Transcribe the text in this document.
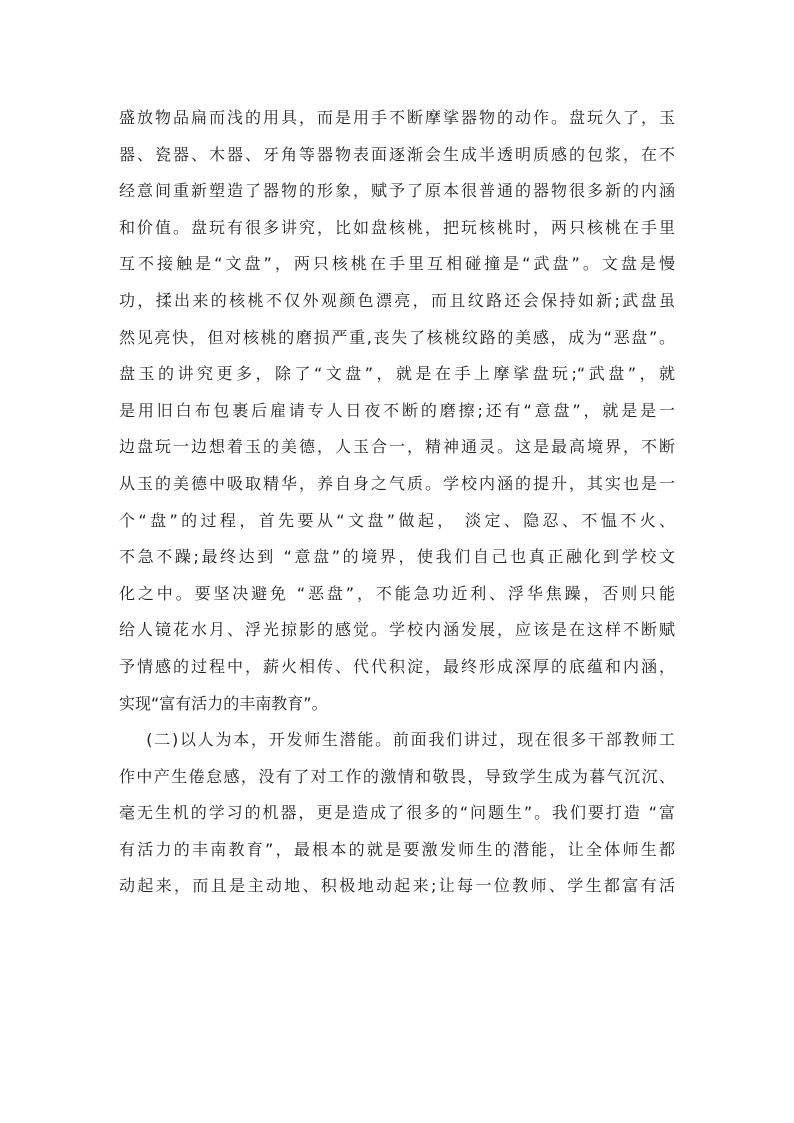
盛放物品扁而浅的用具，而是用手不断摩挲器物的动作。盘玩久了，玉
器、瓷器、木器、牙角等器物表面逐渐会生成半透明质感的包浆，在不
经意间重新塑造了器物的形象，赋予了原本很普通的器物很多新的内涵
和价值。盘玩有很多讲究，比如盘核桃，把玩核桃时，两只核桃在手里
互不接触是“文盘”，两只核桃在手里互相碰撞是“武盘”。文盘是慢
功，揉出来的核桃不仅外观颜色漂亮，而且纹路还会保持如新;武盘虽
然见亮快，但对核桃的磨损严重,丧失了核桃纹路的美感，成为“恶盘”。
盘玉的讲究更多，除了“文盘”，就是在手上摩挲盘玩;“武盘”，就
是用旧白布包裹后雇请专人日夜不断的磨擦;还有“意盘”，就是是一
边盘玩一边想着玉的美德，人玉合一，精神通灵。这是最高境界，不断
从玉的美德中吸取精华，养自身之气质。学校内涵的提升，其实也是一
个“盘”的过程，首先要从“文盘”做起， 淡定、隐忍、不愠不火、
不急不躁;最终达到 “意盘”的境界，使我们自己也真正融化到学校文
化之中。要坚决避免 “恶盘”，不能急功近利、浮华焦躁，否则只能
给人镜花水月、浮光掠影的感觉。学校内涵发展，应该是在这样不断赋
予情感的过程中，薪火相传、代代积淀，最终形成深厚的底蕴和内涵，
实现“富有活力的丰南教育”。
(二)以人为本，开发师生潜能。前面我们讲过，现在很多干部教师工
作中产生倦怠感，没有了对工作的激情和敬畏，导致学生成为暮气沉沉、
毫无生机的学习的机器，更是造成了很多的“问题生”。我们要打造 “富
有活力的丰南教育”，最根本的就是要激发师生的潜能，让全体师生都
动起来，而且是主动地、积极地动起来;让每一位教师、学生都富有活
